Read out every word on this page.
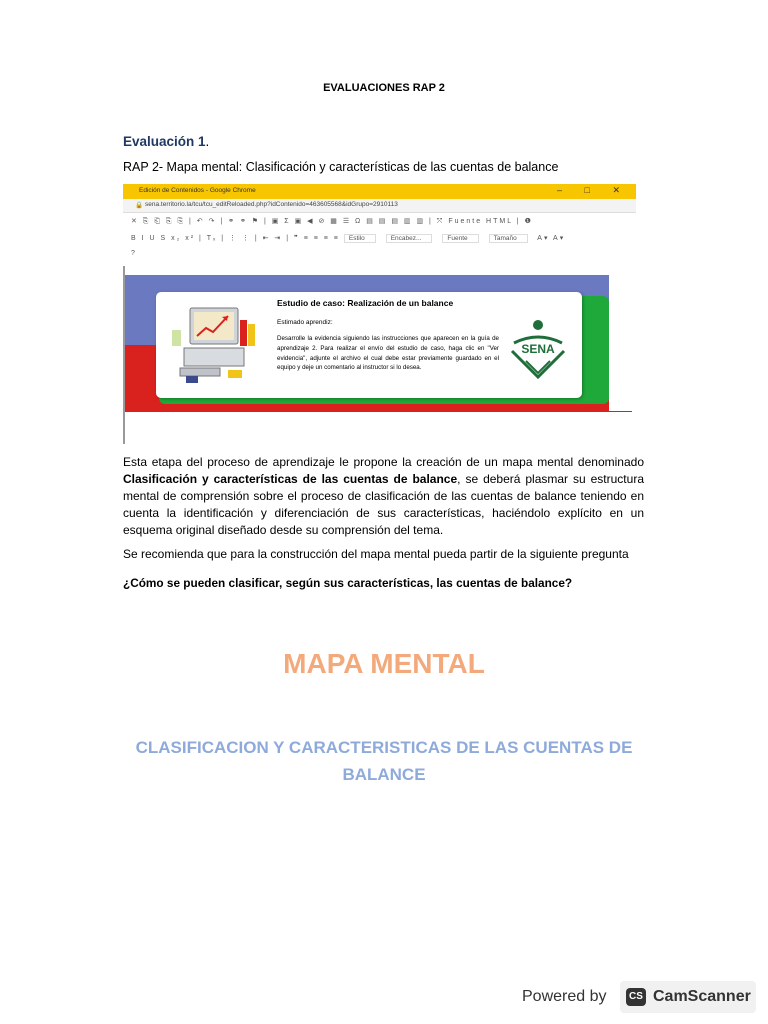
EVALUACIONES RAP 2
Evaluación 1.
RAP 2- Mapa mental: Clasificación y características de las cuentas de balance
Edición de Contenidos - Google Chrome	– □ ✕
🔒 sena.territorio.la/tcu/tcu_editReloaded.php?idContenido=463605568&idGrupo=2910113
✕ ⎘ ⎗ ⎘ ⎘ | ↶ ↷ | ⚭ ⚭ ⚑ | ▣ Σ ▣ ◀ ⊘ ▦ ☰ Ω ▤ ▤ ▤ ▥ ▥ | ⤧ Fuente HTML | ❶
B I U S x₂ x² | Tₓ | ⋮ ⋮ | ⇤ ⇥ | ❞ ≡ ≡ ≡ ≡ Estilo	Encabez...	Fuente	Tamaño	A▾ A▾
?
Estudio de caso: Realización de un balance
Estimado aprendiz:
Desarrolle la evidencia siguiendo las instrucciones que aparecen en la guía de aprendizaje 2. Para realizar el envío del estudio de caso, haga clic en "Ver evidencia", adjunte el archivo el cual debe estar previamente guardado en el equipo y deje un comentario al instructor si lo desea.
SENA
Esta etapa del proceso de aprendizaje le propone la creación de un mapa mental denominado Clasificación y características de las cuentas de balance, se deberá plasmar su estructura mental de comprensión sobre el proceso de clasificación de las cuentas de balance teniendo en cuenta la identificación y diferenciación de sus características, haciéndolo explícito en un esquema original diseñado desde su comprensión del tema.
Se recomienda que para la construcción del mapa mental pueda partir de la siguiente pregunta
¿Cómo se pueden clasificar, según sus características, las cuentas de balance?
MAPA MENTAL
CLASIFICACION Y CARACTERISTICAS DE LAS CUENTAS DE BALANCE
Powered by	CS CamScanner
